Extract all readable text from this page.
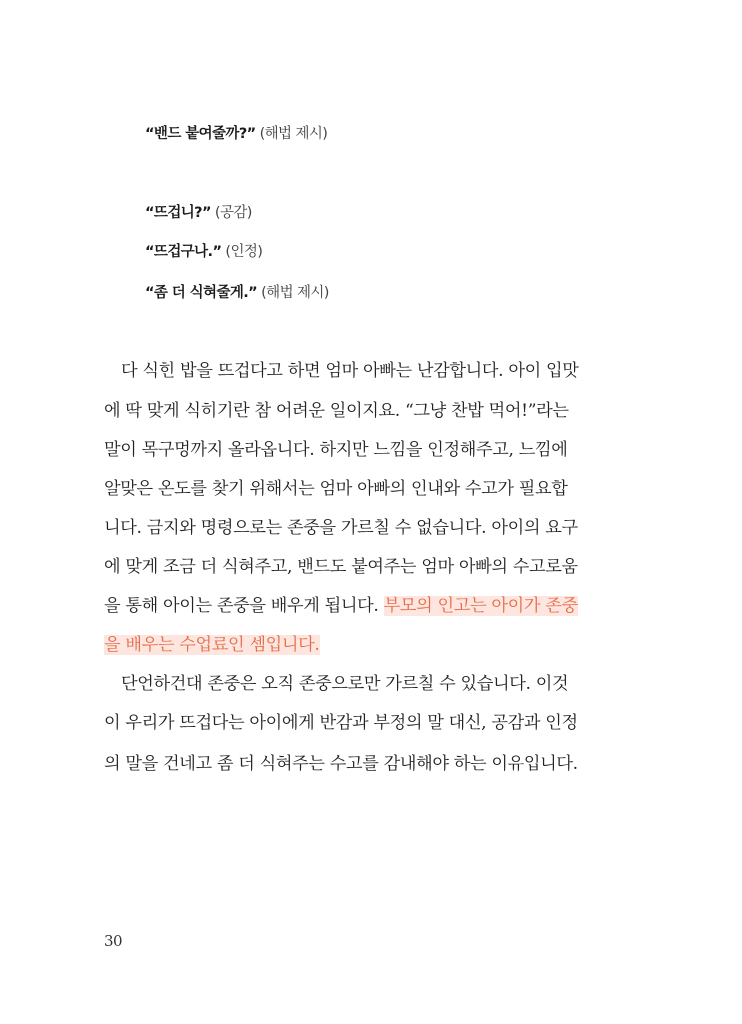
“밴드 붙여줄까?” (해법 제시)
“뜨겁니?” (공감)
“뜨겁구나.” (인정)
“좀 더 식혀줄게.” (해법 제시)
다 식힌 밥을 뜨겁다고 하면 엄마 아빠는 난감합니다. 아이 입맛
에 딱 맞게 식히기란 참 어려운 일이지요. “그냥 찬밥 먹어!”라는
말이 목구멍까지 올라옵니다. 하지만 느낌을 인정해주고, 느낌에
알맞은 온도를 찾기 위해서는 엄마 아빠의 인내와 수고가 필요합
니다. 금지와 명령으로는 존중을 가르칠 수 없습니다. 아이의 요구
에 맞게 조금 더 식혀주고, 밴드도 붙여주는 엄마 아빠의 수고로움
을 통해 아이는 존중을 배우게 됩니다. 부모의 인고는 아이가 존중
을 배우는 수업료인 셈입니다.
단언하건대 존중은 오직 존중으로만 가르칠 수 있습니다. 이것
이 우리가 뜨겁다는 아이에게 반감과 부정의 말 대신, 공감과 인정
의 말을 건네고 좀 더 식혀주는 수고를 감내해야 하는 이유입니다.
30
